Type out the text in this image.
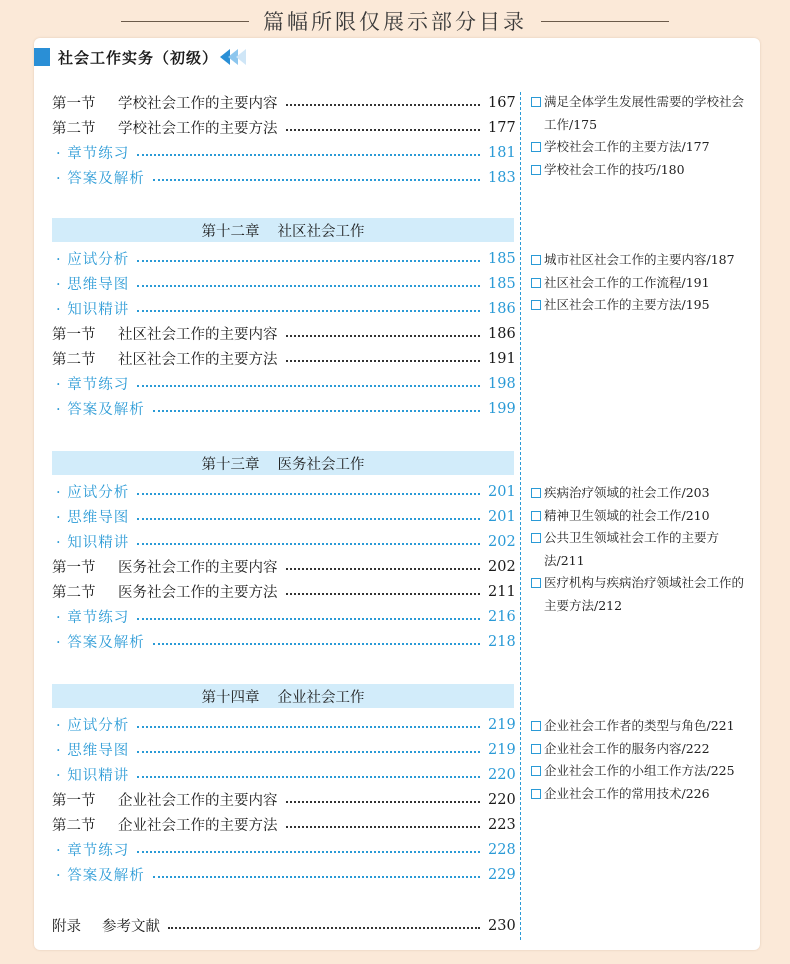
篇幅所限仅展示部分目录
社会工作实务（初级）
第一节 学校社会工作的主要内容	167
第二节 学校社会工作的主要方法	177
· 章节练习	181
· 答案及解析	183
第十二章 社区社会工作
· 应试分析	185
· 思维导图	185
· 知识精讲	186
第一节 社区社会工作的主要内容	186
第二节 社区社会工作的主要方法	191
· 章节练习	198
· 答案及解析	199
第十三章 医务社会工作
· 应试分析	201
· 思维导图	201
· 知识精讲	202
第一节 医务社会工作的主要内容	202
第二节 医务社会工作的主要方法	211
· 章节练习	216
· 答案及解析	218
第十四章 企业社会工作
· 应试分析	219
· 思维导图	219
· 知识精讲	220
第一节 企业社会工作的主要内容	220
第二节 企业社会工作的主要方法	223
· 章节练习	228
· 答案及解析	229
附录 参考文献	230
满足全体学生发展性需要的学校社会工作/175
学校社会工作的主要方法/177
学校社会工作的技巧/180
城市社区社会工作的主要内容/187
社区社会工作的工作流程/191
社区社会工作的主要方法/195
疾病治疗领域的社会工作/203
精神卫生领域的社会工作/210
公共卫生领域社会工作的主要方法/211
医疗机构与疾病治疗领域社会工作的主要方法/212
企业社会工作者的类型与角色/221
企业社会工作的服务内容/222
企业社会工作的小组工作方法/225
企业社会工作的常用技术/226
